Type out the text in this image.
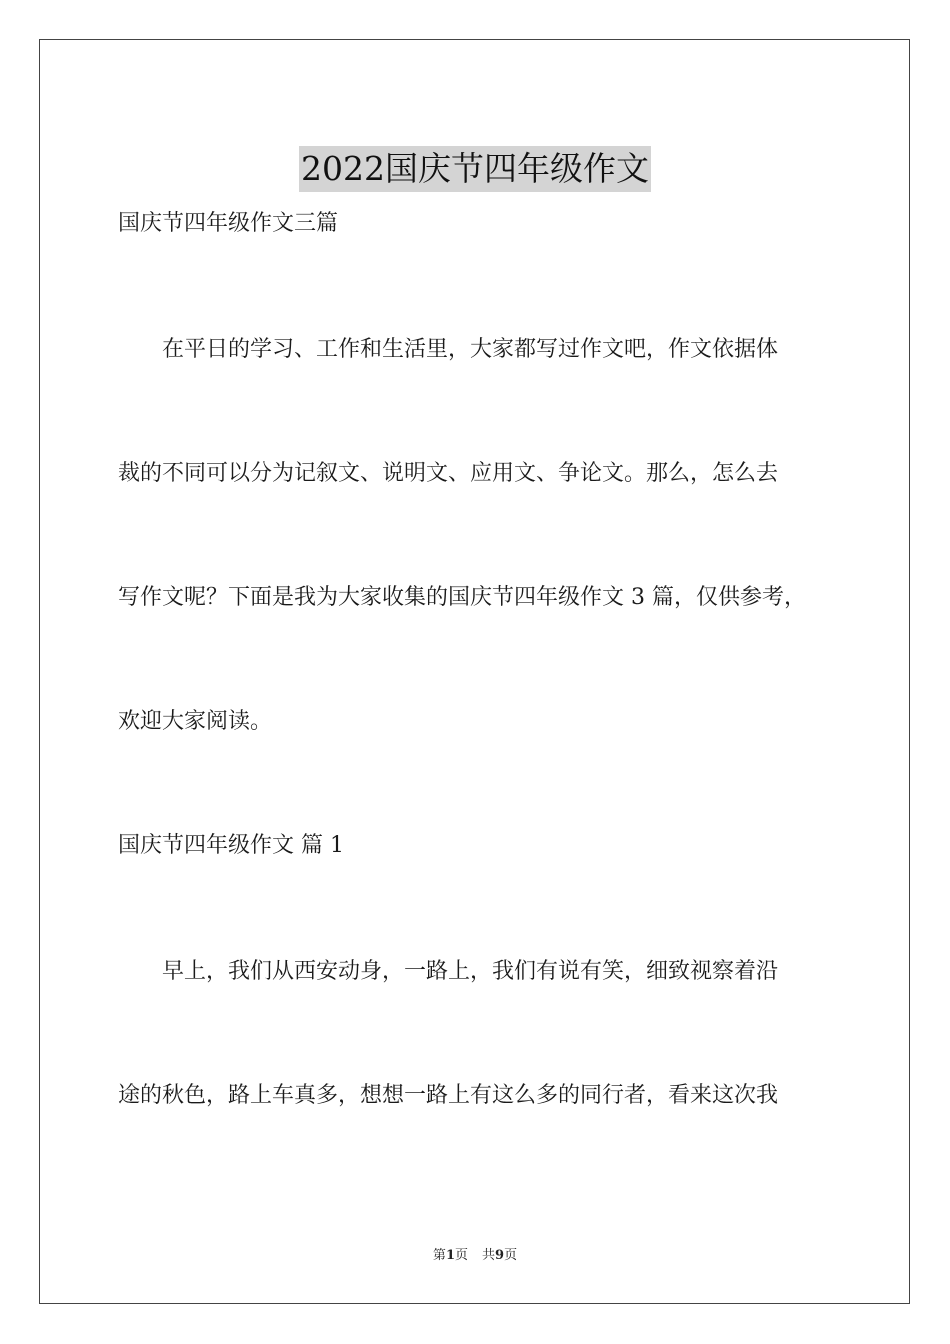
2022国庆节四年级作文
国庆节四年级作文三篇
　　在平日的学习、工作和生活里，大家都写过作文吧，作文依据体
裁的不同可以分为记叙文、说明文、应用文、争论文。那么，怎么去
写作文呢？下面是我为大家收集的国庆节四年级作文 3 篇，仅供参考，
欢迎大家阅读。
国庆节四年级作文 篇 1
　　早上，我们从西安动身，一路上，我们有说有笑，细致视察着沿
途的秋色，路上车真多，想想一路上有这么多的同行者，看来这次我
第1页 共9页
